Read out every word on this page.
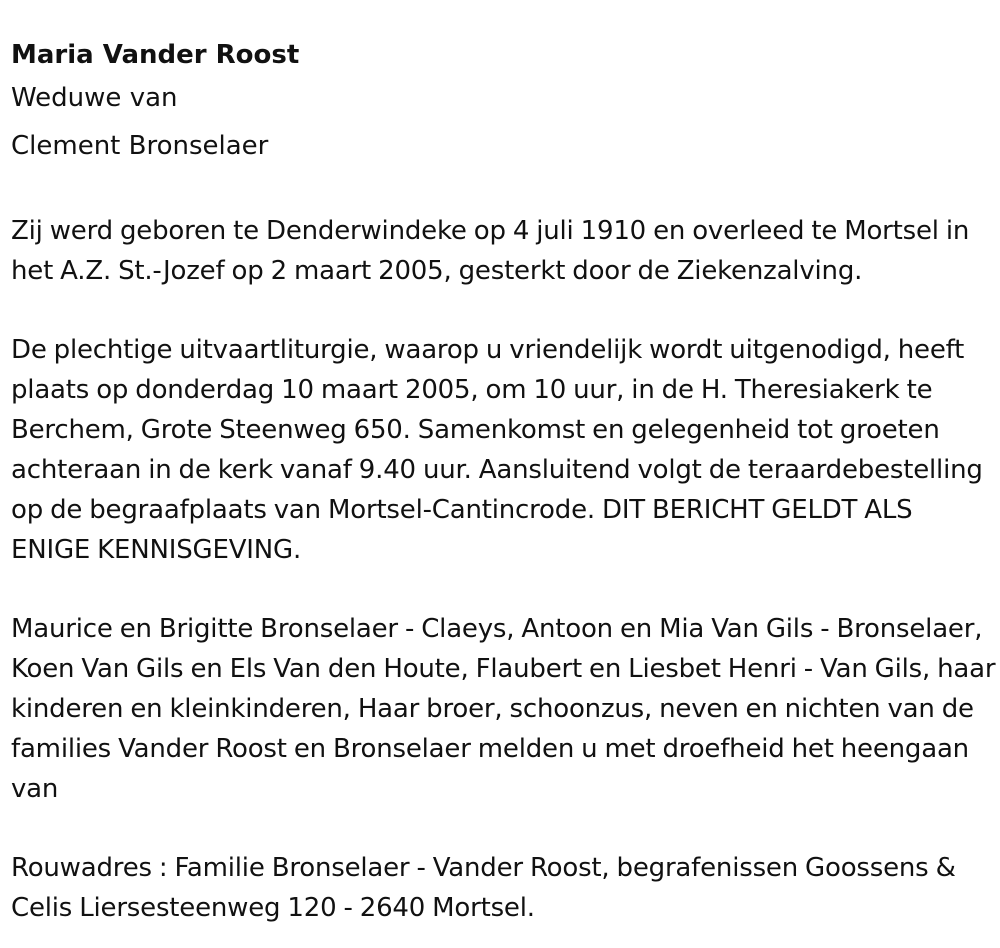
Maria Vander Roost

Weduwe van

Clement Bronselaer

Zij werd geboren te Denderwindeke op 4 juli 1910 en overleed te Mortsel in het A.Z. St.-Jozef op 2 maart 2005, gesterkt door de Ziekenzalving.

De plechtige uitvaartliturgie, waarop u vriendelijk wordt uitgenodigd, heeft plaats op donderdag 10 maart 2005, om 10 uur, in de H. Theresiakerk te Berchem, Grote Steenweg 650. Samenkomst en gelegenheid tot groeten achteraan in de kerk vanaf 9.40 uur. Aansluitend volgt de teraardebestelling op de begraafplaats van Mortsel-Cantincrode. DIT BERICHT GELDT ALS ENIGE KENNISGEVING.

Maurice en Brigitte Bronselaer - Claeys, Antoon en Mia Van Gils - Bronselaer, Koen Van Gils en Els Van den Houte, Flaubert en Liesbet Henri - Van Gils, haar kinderen en kleinkinderen, Haar broer, schoonzus, neven en nichten van de families Vander Roost en Bronselaer melden u met droefheid het heengaan van

Rouwadres : Familie Bronselaer - Vander Roost, begrafenissen Goossens & Celis Liersesteenweg 120 - 2640 Mortsel.
